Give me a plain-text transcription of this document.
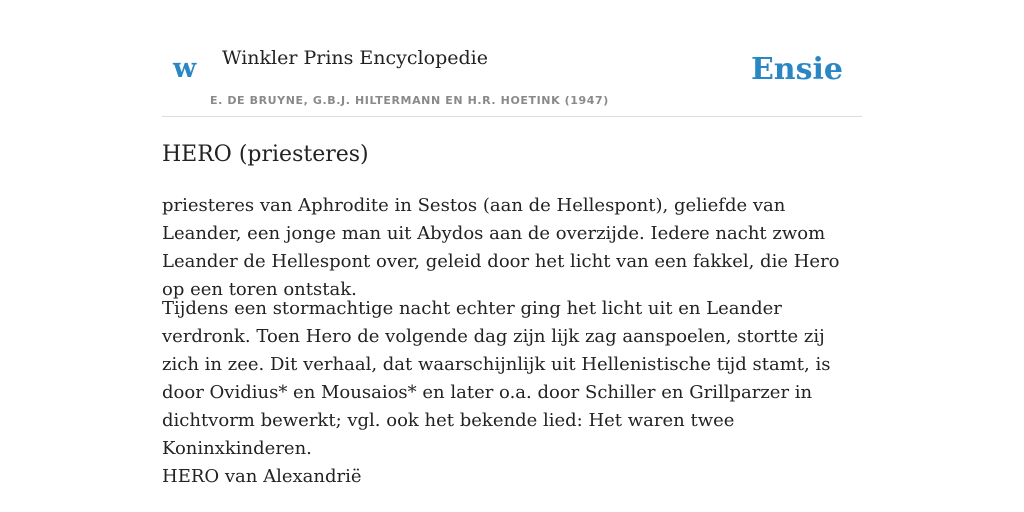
w Winkler Prins Encyclopedie
E. DE BRUYNE, G.B.J. HILTERMANN EN H.R. HOETINK (1947)
Ensie
HERO (priesteres)

priesteres van Aphrodite in Sestos (aan de Hellespont), geliefde van Leander, een jonge man uit Abydos aan de overzijde. Iedere nacht zwom Leander de Hellespont over, geleid door het licht van een fakkel, die Hero op een toren ontstak.

Tijdens een stormachtige nacht echter ging het licht uit en Leander verdronk. Toen Hero de volgende dag zijn lijk zag aanspoelen, stortte zij zich in zee. Dit verhaal, dat waarschijnlijk uit Hellenistische tijd stamt, is door Ovidius* en Mousaios* en later o.a. door Schiller en Grillparzer in dichtvorm bewerkt; vgl. ook het bekende lied: Het waren twee Koninxkinderen.

HERO van Alexandrië
